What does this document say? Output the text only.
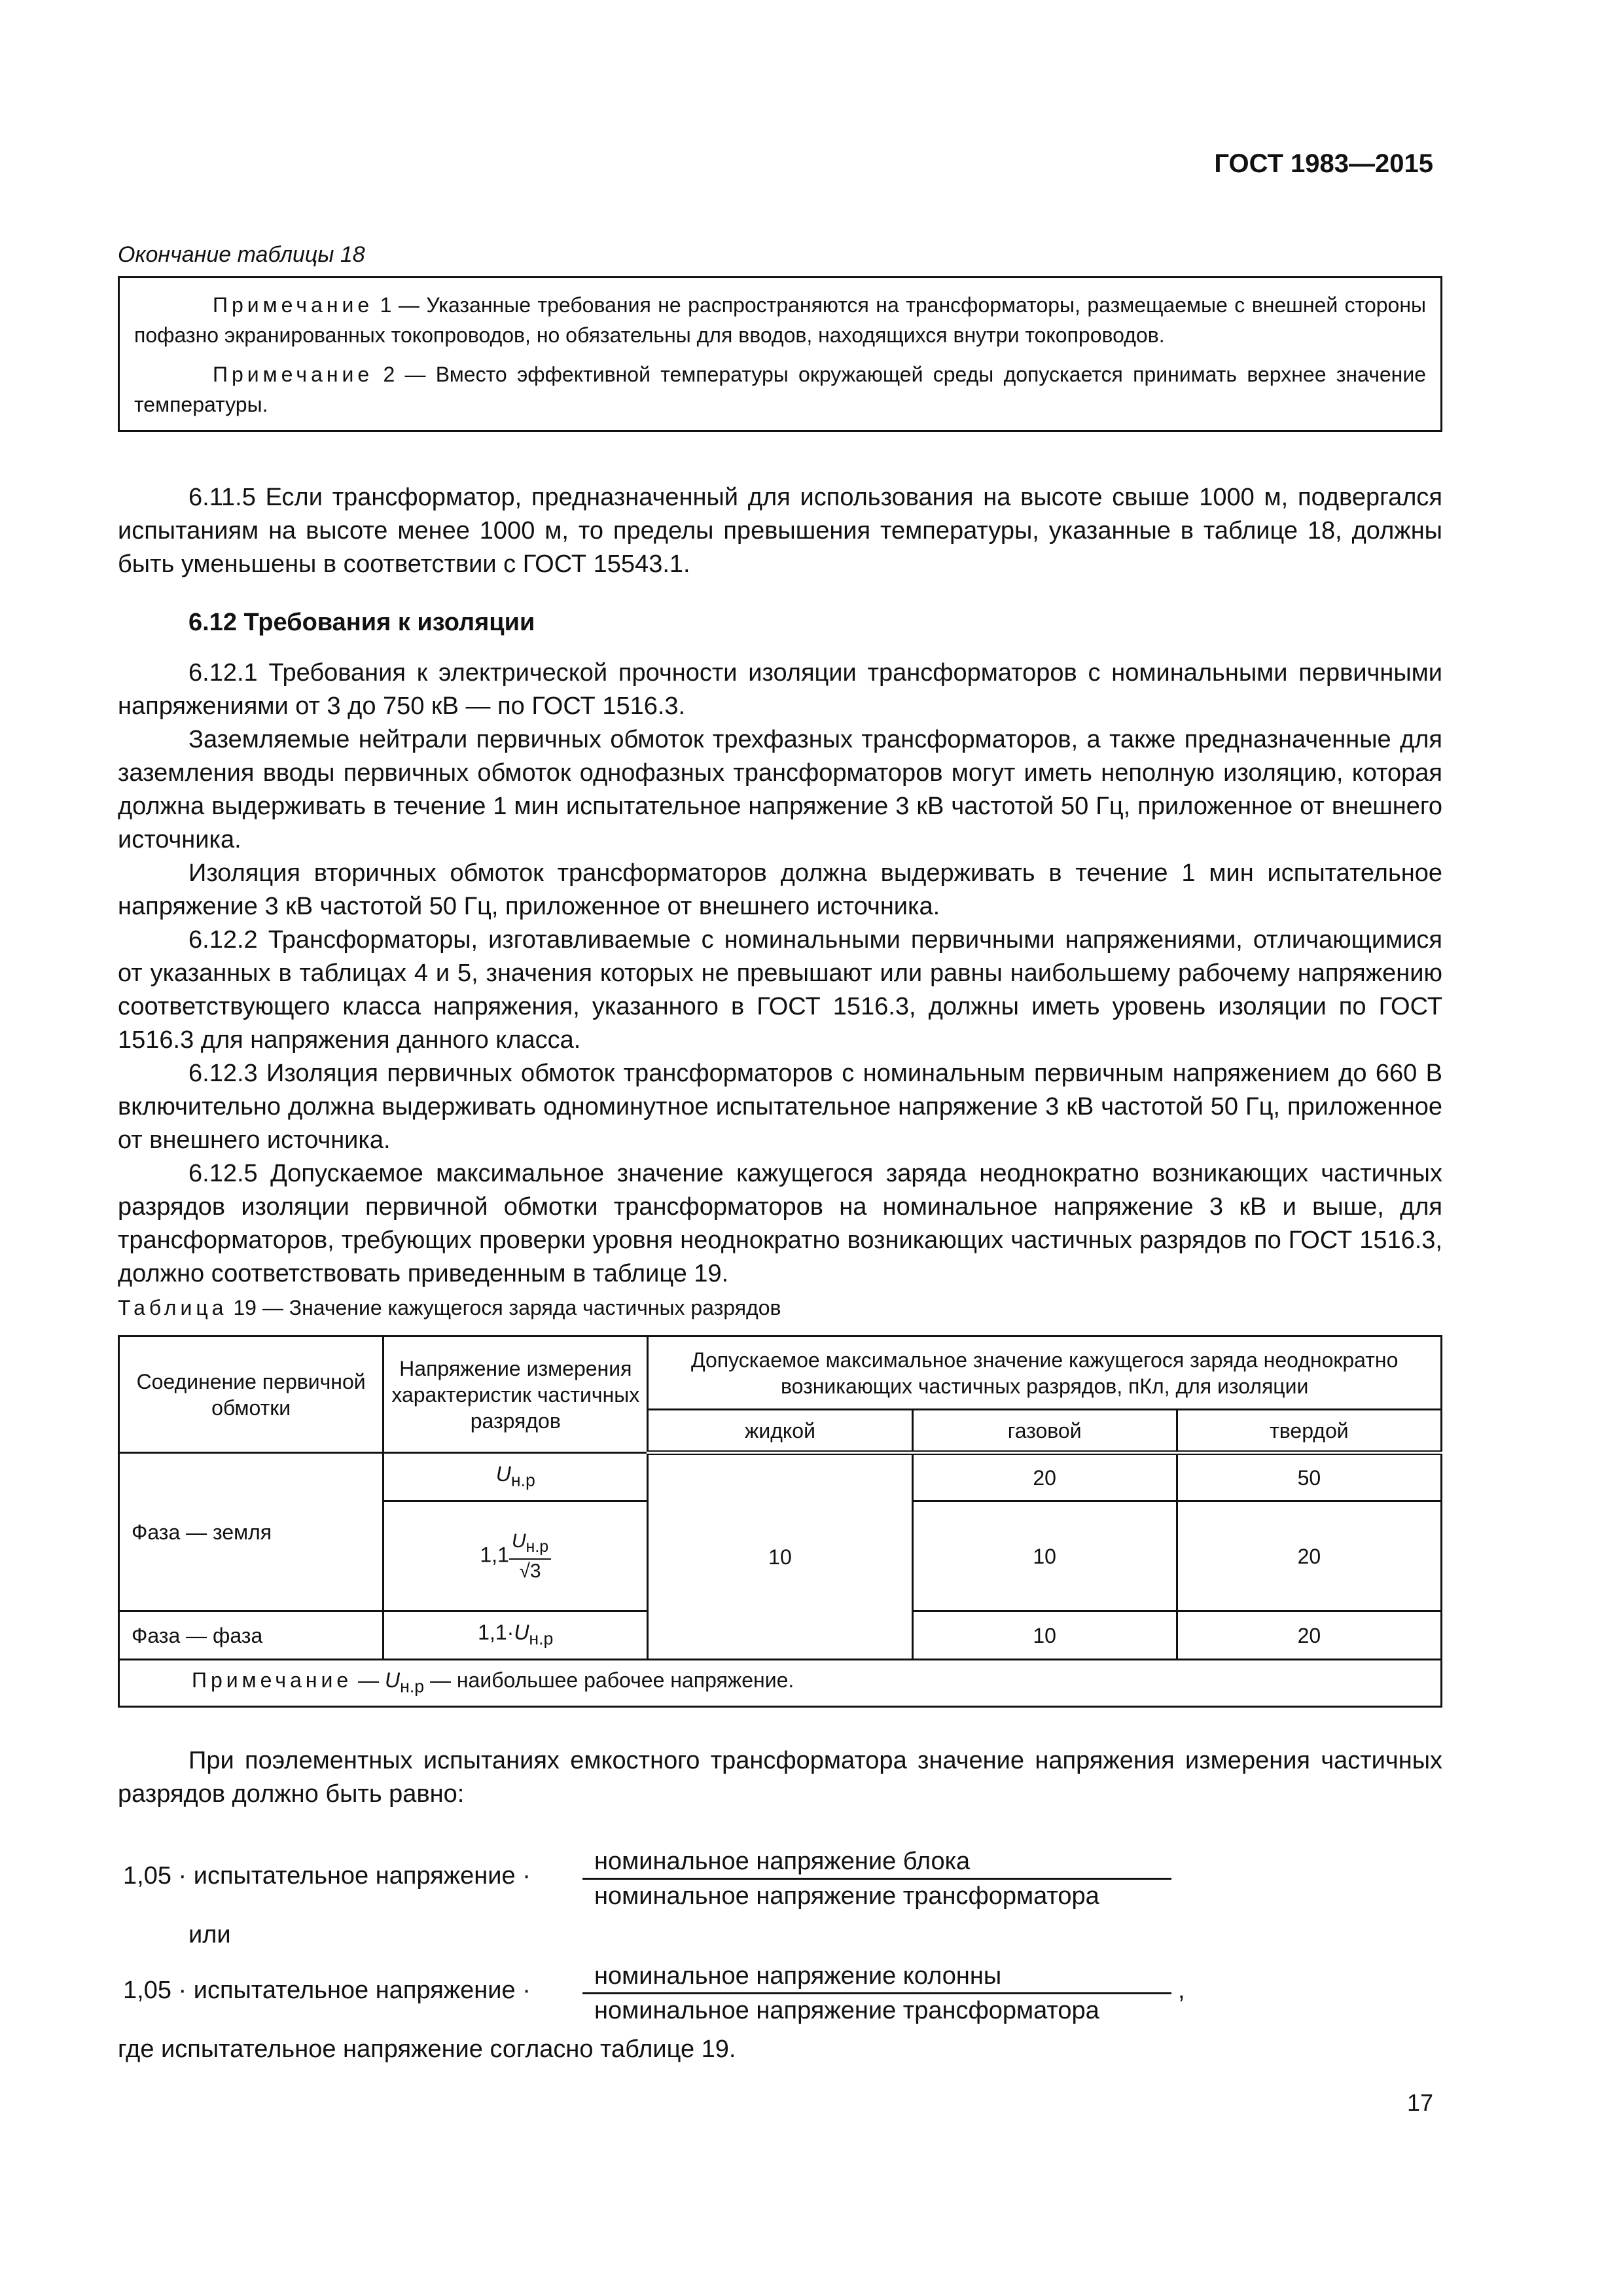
ГОСТ 1983—2015
Окончание таблицы 18

Примечание 1 — Указанные требования не распространяются на трансформаторы, размещаемые с внешней стороны пофазно экранированных токопроводов, но обязательны для вводов, находящихся внутри токопроводов.

Примечание 2 — Вместо эффективной температуры окружающей среды допускается принимать верхнее значение температуры.

6.11.5 Если трансформатор, предназначенный для использования на высоте свыше 1000 м, подвергался испытаниям на высоте менее 1000 м, то пределы превышения температуры, указанные в таблице 18, должны быть уменьшены в соответствии с ГОСТ 15543.1.

6.12 Требования к изоляции

6.12.1 Требования к электрической прочности изоляции трансформаторов с номинальными первичными напряжениями от 3 до 750 кВ — по ГОСТ 1516.3.

Заземляемые нейтрали первичных обмоток трехфазных трансформаторов, а также предназначенные для заземления вводы первичных обмоток однофазных трансформаторов могут иметь неполную изоляцию, которая должна выдерживать в течение 1 мин испытательное напряжение 3 кВ частотой 50 Гц, приложенное от внешнего источника.

Изоляция вторичных обмоток трансформаторов должна выдерживать в течение 1 мин испытательное напряжение 3 кВ частотой 50 Гц, приложенное от внешнего источника.

6.12.2 Трансформаторы, изготавливаемые с номинальными первичными напряжениями, отличающимися от указанных в таблицах 4 и 5, значения которых не превышают или равны наибольшему рабочему напряжению соответствующего класса напряжения, указанного в ГОСТ 1516.3, должны иметь уровень изоляции по ГОСТ 1516.3 для напряжения данного класса.

6.12.3 Изоляция первичных обмоток трансформаторов с номинальным первичным напряжением до 660 В включительно должна выдерживать одноминутное испытательное напряжение 3 кВ частотой 50 Гц, приложенное от внешнего источника.

6.12.5 Допускаемое максимальное значение кажущегося заряда неоднократно возникающих частичных разрядов изоляции первичной обмотки трансформаторов на номинальное напряжение 3 кВ и выше, для трансформаторов, требующих проверки уровня неоднократно возникающих частичных разрядов по ГОСТ 1516.3, должно соответствовать приведенным в таблице 19.

Таблица 19 — Значение кажущегося заряда частичных разрядов
Соединение первичной обмотки	Напряжение измерения характеристик частичных разрядов	Допускаемое максимальное значение кажущегося заряда неоднократно возникающих частичных разрядов, пКл, для изоляции		
		жидкой	газовой	твердой
Фаза — земля	$U_{н.р}$	10	20	50
	$1,1 \frac{U_{н.р}}{√3}$		10	20
Фаза — фаза	$1,1\cdot U_{н.р}$		10	20
Примечание — $U_{н.р}$ — наибольшее рабочее напряжение.				

При поэлементных испытаниях емкостного трансформатора значение напряжения измерения частичных разрядов должно быть равно:

1,05 · испытательное напряжение ·
номинальное напряжение блока
номинальное напряжение трансформатора
или
1,05 · испытательное напряжение ·
номинальное напряжение колонны
номинальное напряжение трансформатора
,
где испытательное напряжение согласно таблице 19.
17
